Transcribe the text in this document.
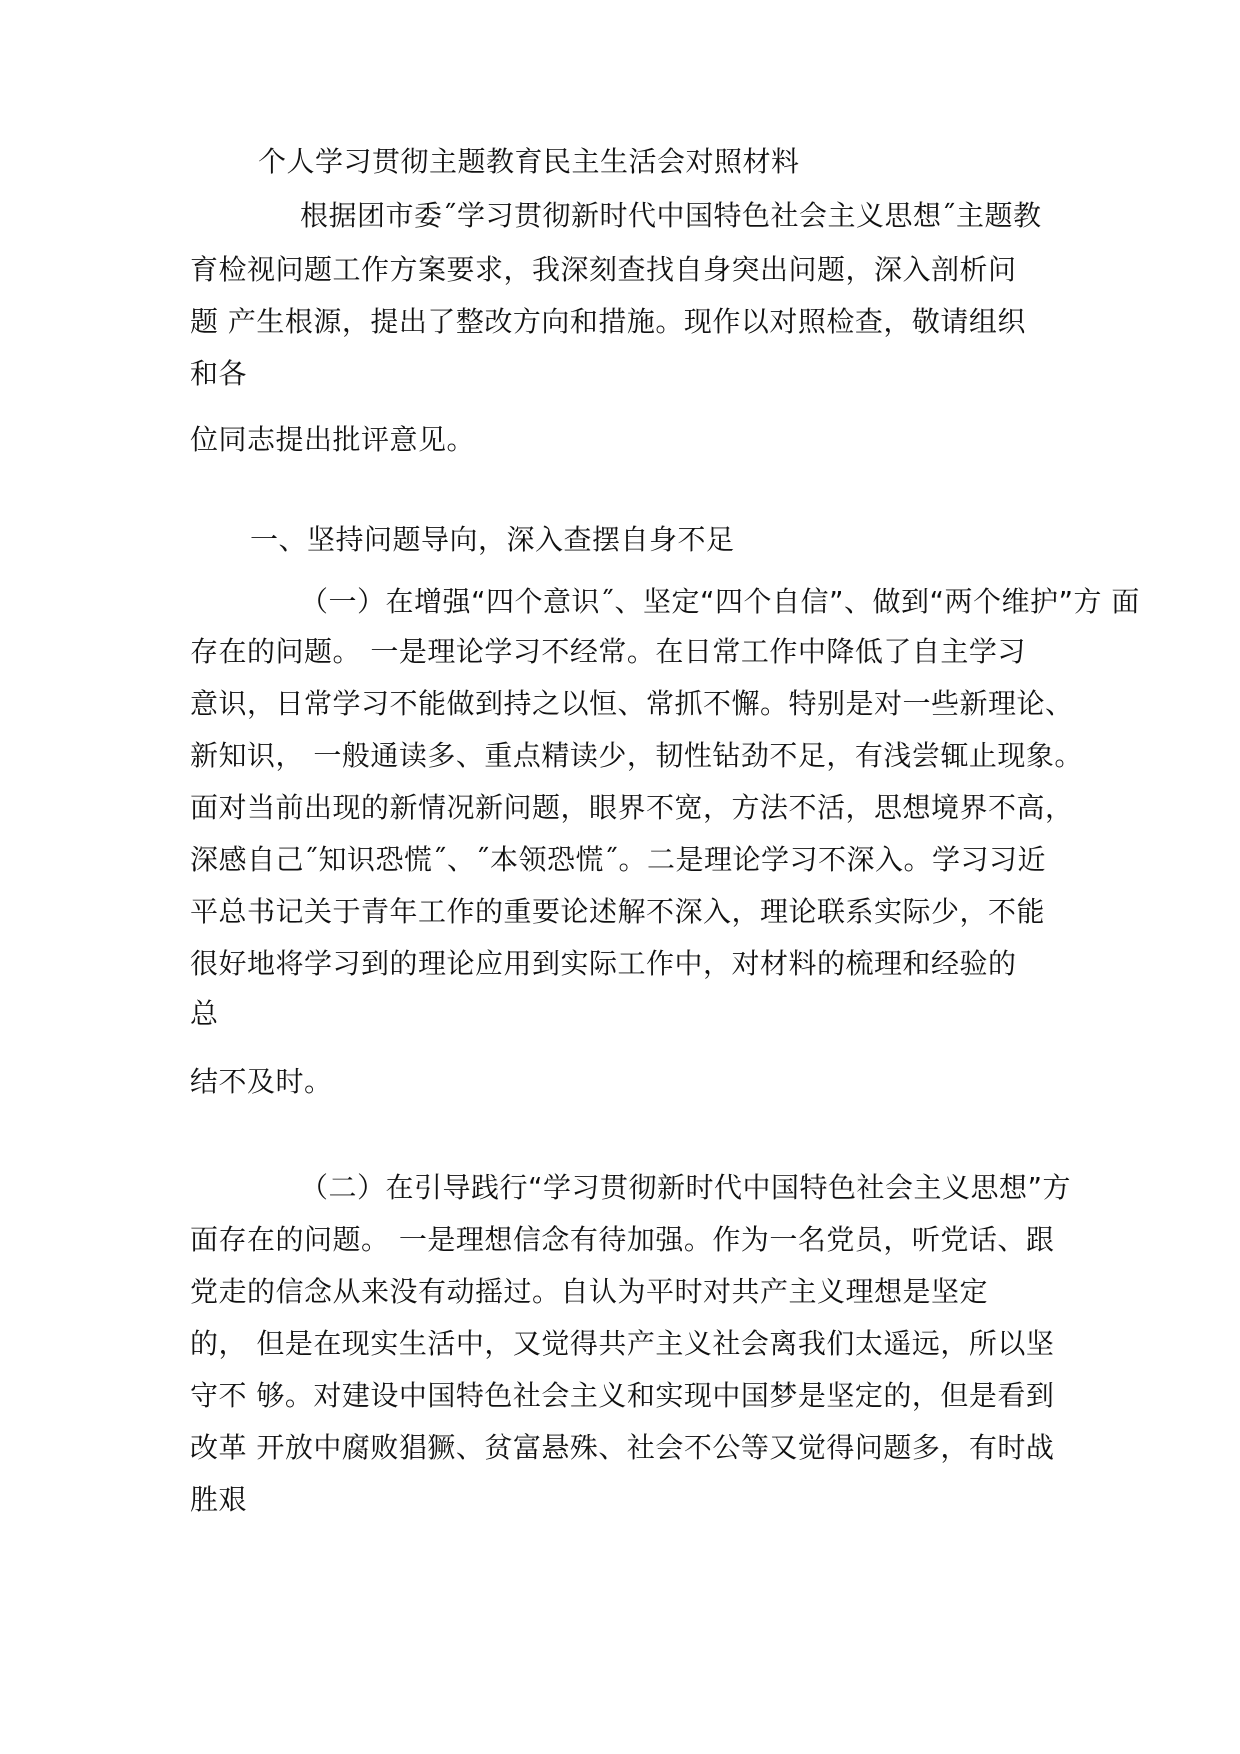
个人学习贯彻主题教育民主生活会对照材料

根据团市委˝学习贯彻新时代中国特色社会主义思想˝主题教

育检视问题工作方案要求，我深刻查找自身突出问题，深入剖析问

题 产生根源，提出了整改方向和措施。现作以对照检查，敬请组织

和各

位同志提出批评意见。

一、坚持问题导向，深入查摆自身不足

（一）在增强“四个意识˝、坚定“四个自信”、做到“两个维护”方 面

存在的问题。 一是理论学习不经常。在日常工作中降低了自主学习

意识，日常学习不能做到持之以恒、常抓不懈。特别是对一些新理论、

新知识， 一般通读多、重点精读少，韧性钻劲不足，有浅尝辄止现象。

面对当前出现的新情况新问题，眼界不宽，方法不活，思想境界不高，

深感自己˝知识恐慌˝、˝本领恐慌˝。二是理论学习不深入。学习习近

平总书记关于青年工作的重要论述解不深入，理论联系实际少，不能

很好地将学习到的理论应用到实际工作中，对材料的梳理和经验的

总

结不及时。

（二）在引导践行“学习贯彻新时代中国特色社会主义思想”方

面存在的问题。 一是理想信念有待加强。作为一名党员，听党话、跟

党走的信念从来没有动摇过。自认为平时对共产主义理想是坚定

的， 但是在现实生活中，又觉得共产主义社会离我们太遥远，所以坚

守不 够。对建设中国特色社会主义和实现中国梦是坚定的，但是看到

改革 开放中腐败猖獗、贫富悬殊、社会不公等又觉得问题多，有时战

胜艰
